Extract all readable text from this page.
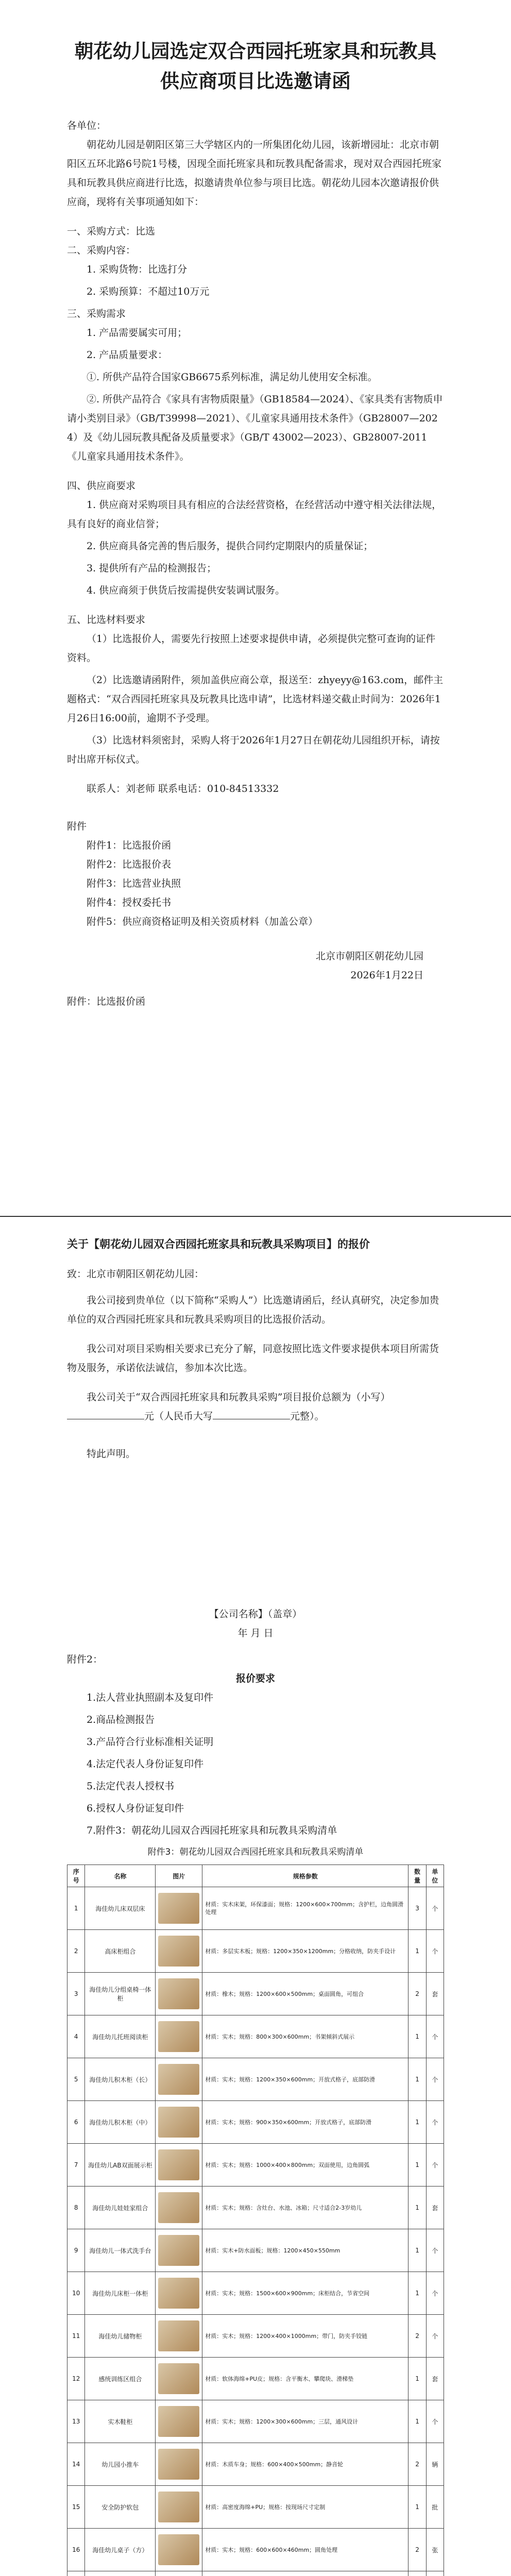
朝花幼儿园选定双合西园托班家具和玩教具供应商项目比选邀请函

各单位：

朝花幼儿园是朝阳区第三大学辖区内的一所集团化幼儿园，该新增园址：北京市朝阳区五环北路6号院1号楼，因现全面托班家具和玩教具配备需求，现对双合西园托班家具和玩教具供应商进行比选，拟邀请贵单位参与项目比选。朝花幼儿园本次邀请报价供应商，现将有关事项通知如下：

一、采购方式：比选

二、采购内容：

1. 采购货物：比选打分

2. 采购预算：不超过10万元

三、采购需求

1. 产品需要属实可用；

2. 产品质量要求：

①. 所供产品符合国家GB6675系列标准，满足幼儿使用安全标准。

②. 所供产品符合《家具有害物质限量》（GB18584—2024）、《家具类有害物质申请小类别目录》（GB/T39998—2021）、《儿童家具通用技术条件》（GB28007—2024）及《幼儿园玩教具配备及质量要求》（GB/T 43002—2023）、GB28007-2011《儿童家具通用技术条件》。

四、供应商要求

1. 供应商对采购项目具有相应的合法经营资格，在经营活动中遵守相关法律法规，具有良好的商业信誉；

2. 供应商具备完善的售后服务，提供合同约定期限内的质量保证；

3. 提供所有产品的检测报告；

4. 供应商须于供货后按需提供安装调试服务。

五、比选材料要求

（1）比选报价人，需要先行按照上述要求提供申请，必须提供完整可查询的证件资料。

（2）比选邀请函附件，须加盖供应商公章，报送至：zhyeyy@163.com，邮件主题格式：“双合西园托班家具及玩教具比选申请”，比选材料递交截止时间为：2026年1月26日16:00前，逾期不予受理。

（3）比选材料须密封，采购人将于2026年1月27日在朝花幼儿园组织开标，请按时出席开标仪式。

联系人：刘老师 联系电话：010-84513332

附件

附件1：比选报价函

附件2：比选报价表

附件3：比选营业执照

附件4：授权委托书

附件5：供应商资格证明及相关资质材料（加盖公章）

北京市朝阳区朝花幼儿园

2026年1月22日

附件：比选报价函

关于【朝花幼儿园双合西园托班家具和玩教具采购项目】的报价

致：北京市朝阳区朝花幼儿园：

我公司接到贵单位（以下简称“采购人”）比选邀请函后，经认真研究，决定参加贵单位的双合西园托班家具和玩教具采购项目的比选报价活动。

我公司对项目采购相关要求已充分了解，同意按照比选文件要求提供本项目所需货物及服务，承诺依法诚信，参加本次比选。

我公司关于“双合西园托班家具和玩教具采购”项目报价总额为（小写）元（人民币大写	元整）。

特此声明。

【公司名称】（盖章）

年 月 日

附件2：

报价要求

1.法人营业执照副本及复印件

2.商品检测报告

3.产品符合行业标准相关证明

4.法定代表人身份证复印件

5.法定代表人授权书

6.授权人身份证复印件

7.附件3：朝花幼儿园双合西园托班家具和玩教具采购清单

附件3：朝花幼儿园双合西园托班家具和玩教具采购清单
序号	名称	图片	规格参数	数量	单位
1	海佳幼儿床双层床		材质：实木床架，环保漆面；规格：1200×600×700mm；含护栏，边角圆滑处理	3	个
2	高床柜组合		材质：多层实木板；规格：1200×350×1200mm；分格收纳，防夹手设计	1	个
3	海佳幼儿分组桌椅一体柜		材质：橡木；规格：1200×600×500mm；桌面圆角，可组合	2	套
4	海佳幼儿托班阅读柜		材质：实木；规格：800×300×600mm；书架倾斜式展示	1	个
5	海佳幼儿积木柜（长）		材质：实木；规格：1200×350×600mm；开放式格子，底部防滑	1	个
6	海佳幼儿积木柜（中）		材质：实木；规格：900×350×600mm；开放式格子，底部防滑	1	个
7	海佳幼儿AB双面展示柜		材质：实木；规格：1000×400×800mm；双面使用，边角圆弧	1	个
8	海佳幼儿娃娃家组合		材质：实木；规格：含灶台、水池、冰箱；尺寸适合2-3岁幼儿	1	套
9	海佳幼儿一体式洗手台		材质：实木+防水面板；规格：1200×450×550mm	1	个
10	海佳幼儿床柜一体柜		材质：实木；规格：1500×600×900mm；床柜结合，节省空间	1	个
11	海佳幼儿储物柜		材质：实木；规格：1200×400×1000mm；带门，防夹手铰链	2	个
12	感统训练区组合		材质：软体海绵+PU皮；规格：含平衡木、攀爬块、滑梯垫	1	套
13	实木鞋柜		材质：实木；规格：1200×300×600mm；三层，通风设计	1	个
14	幼儿园小推车		材质：木质车身；规格：600×400×500mm；静音轮	2	辆
15	安全防护软包		材质：高密度海绵+PU；规格：按现场尺寸定制	1	批
16	海佳幼儿桌子（方）		材质：实木；规格：600×600×460mm；圆角处理	2	张
